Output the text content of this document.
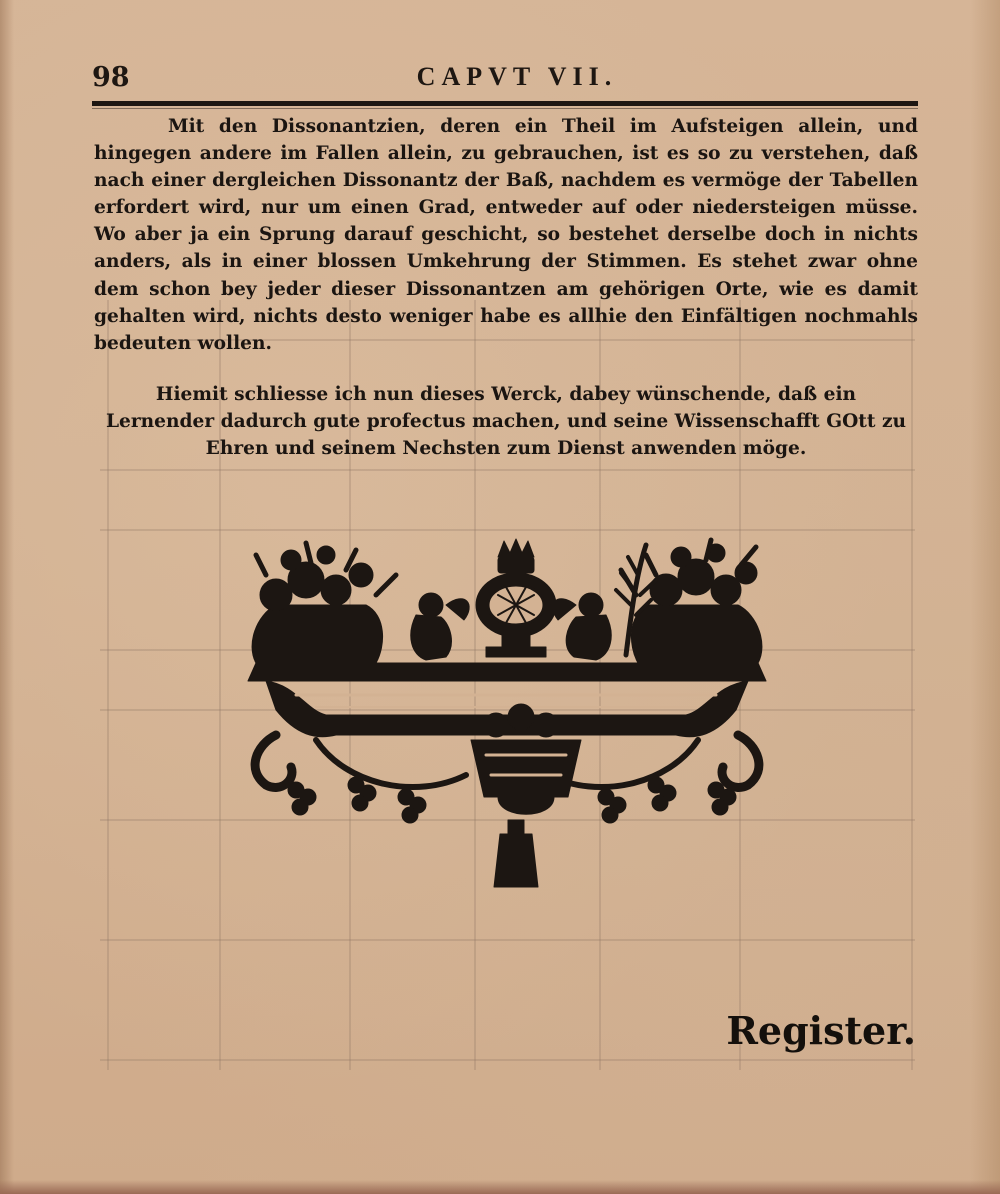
98	CAPVT VII.

Mit den Dissonantzien, deren ein Theil im Aufsteigen allein, und hingegen andere im Fallen allein, zu gebrauchen, ist es so zu verstehen, daß nach einer dergleichen Dissonantz der Baß, nachdem es vermöge der Tabellen erfordert wird, nur um einen Grad, entweder auf oder niedersteigen müsse. Wo aber ja ein Sprung darauf geschicht, so bestehet derselbe doch in nichts anders, als in einer blossen Umkehrung der Stimmen. Es stehet zwar ohne dem schon bey jeder dieser Dissonantzen am gehörigen Orte, wie es damit gehalten wird, nichts desto weniger habe es allhie den Einfältigen nochmahls bedeuten wollen.

Hiemit schliesse ich nun dieses Werck, dabey wünschende, daß ein Lernender dadurch gute profectus machen, und seine Wissenschafft GOtt zu Ehren und seinem Nechsten zum Dienst anwenden möge.

Register.
